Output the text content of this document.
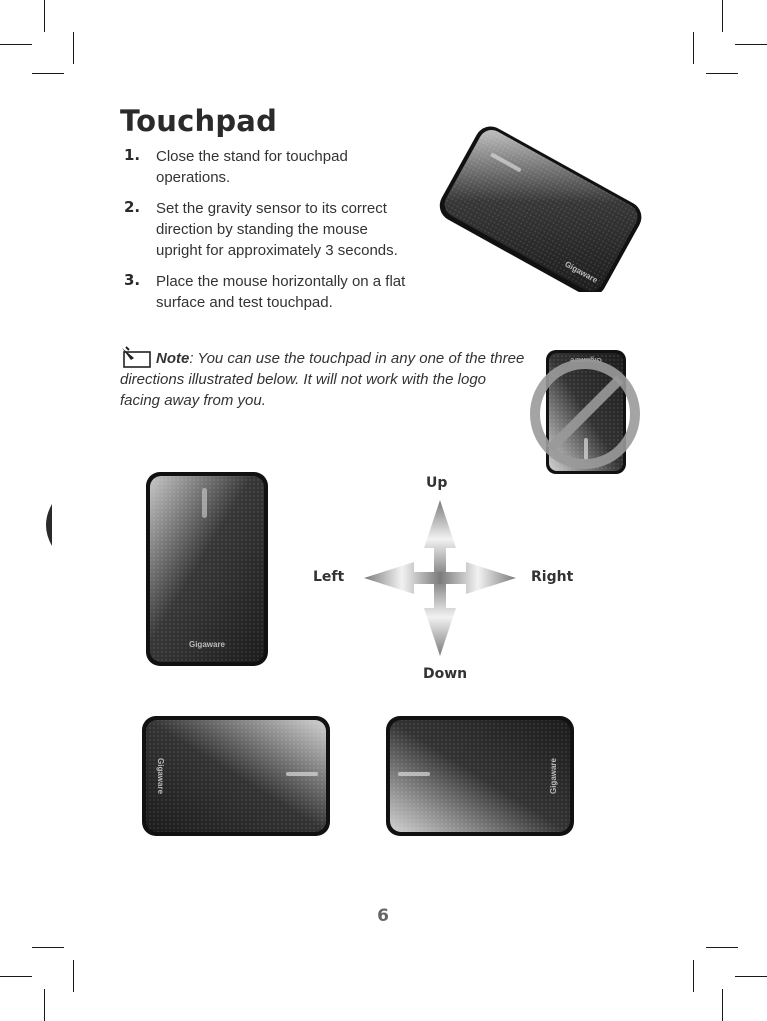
Touchpad
1.	Close the stand for touchpad operations.
2.	Set the gravity sensor to its correct direction by standing the mouse upright for approximately 3 seconds.
3.	Place the mouse horizontally on a flat surface and test touchpad.

Note: You can use the touchpad in any one of the three directions illustrated below. It will not work with the logo facing away from you.

Gigaware
Gigaware
Gigaware
Up
Down
Left	Right
Gigaware	Gigaware
6
